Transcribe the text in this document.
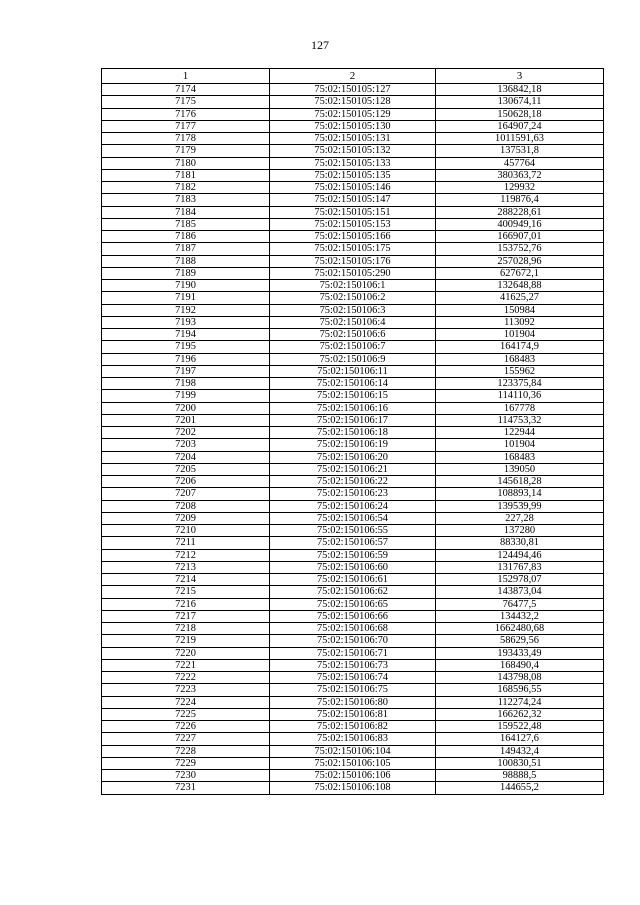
127
1	2	3
7174	75:02:150105:127	136842,18
7175	75:02:150105:128	130674,11
7176	75:02:150105:129	150628,18
7177	75:02:150105:130	164907,24
7178	75:02:150105:131	1011591,63
7179	75:02:150105:132	137531,8
7180	75:02:150105:133	457764
7181	75:02:150105:135	380363,72
7182	75:02:150105:146	129932
7183	75:02:150105:147	119876,4
7184	75:02:150105:151	288228,61
7185	75:02:150105:153	400949,16
7186	75:02:150105:166	166907,01
7187	75:02:150105:175	153752,76
7188	75:02:150105:176	257028,96
7189	75:02:150105:290	627672,1
7190	75:02:150106:1	132648,88
7191	75:02:150106:2	41625,27
7192	75:02:150106:3	150984
7193	75:02:150106:4	113092
7194	75:02:150106:6	101904
7195	75:02:150106:7	164174,9
7196	75:02:150106:9	168483
7197	75:02:150106:11	155962
7198	75:02:150106:14	123375,84
7199	75:02:150106:15	114110,36
7200	75:02:150106:16	167778
7201	75:02:150106:17	114753,32
7202	75:02:150106:18	122944
7203	75:02:150106:19	101904
7204	75:02:150106:20	168483
7205	75:02:150106:21	139050
7206	75:02:150106:22	145618,28
7207	75:02:150106:23	108893,14
7208	75:02:150106:24	139539,99
7209	75:02:150106:54	227,28
7210	75:02:150106:55	137280
7211	75:02:150106:57	88330,81
7212	75:02:150106:59	124494,46
7213	75:02:150106:60	131767,83
7214	75:02:150106:61	152978,07
7215	75:02:150106:62	143873,04
7216	75:02:150106:65	76477,5
7217	75:02:150106:66	134432,2
7218	75:02:150106:68	1662480,68
7219	75:02:150106:70	58629,56
7220	75:02:150106:71	193433,49
7221	75:02:150106:73	168490,4
7222	75:02:150106:74	143798,08
7223	75:02:150106:75	168596,55
7224	75:02:150106:80	112274,24
7225	75:02:150106:81	166262,32
7226	75:02:150106:82	159522,48
7227	75:02:150106:83	164127,6
7228	75:02:150106:104	149432,4
7229	75:02:150106:105	100830,51
7230	75:02:150106:106	98888,5
7231	75:02:150106:108	144655,2
